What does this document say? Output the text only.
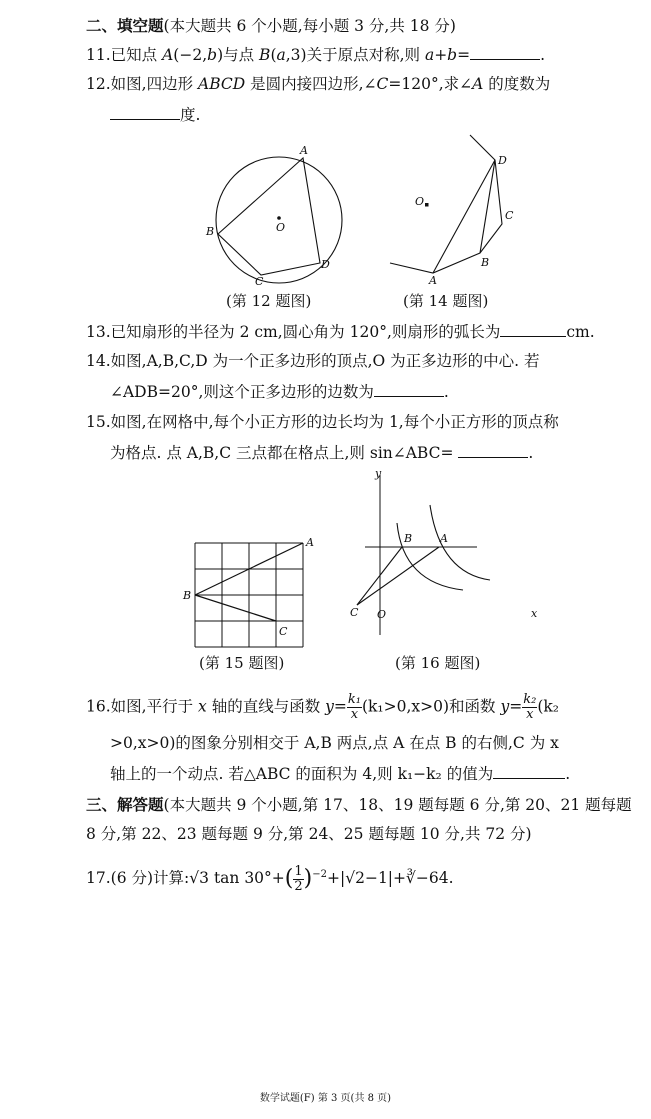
二、填空题(本大题共 6 个小题,每小题 3 分,共 18 分)
11.已知点 A(−2,b)与点 B(a,3)关于原点对称,则 a+b=	.
12.如图,四边形 ABCD 是圆内接四边形,∠C=120°,求∠A 的度数为
度.
A
B
C
D
O
(第 12 题图)
O
D
C
B
A
(第 14 题图)
13.已知扇形的半径为 2 cm,圆心角为 120°,则扇形的弧长为	cm.
14.如图,A,B,C,D 为一个正多边形的顶点,O 为正多边形的中心. 若
∠ADB=20°,则这个正多边形的边数为	.
15.如图,在网格中,每个小正方形的边长均为 1,每个小正方形的顶点称
为格点. 点 A,B,C 三点都在格点上,则 sin∠ABC=	.
A
B
C
(第 15 题图)
y
x
B	A
C O
(第 16 题图)
16.如图,平行于 x 轴的直线与函数 $y= \frac{\text{k₁}}{x} (k_1>0,x>0)$和函数 $y= \frac{\text{k₂}}{x} (k_2$
>0,x>0)的图象分别相交于 A,B 两点,点 A 在点 B 的右侧,C 为 x
轴上的一个动点. 若△ABC 的面积为 4,则 k₁−k₂ 的值为	.
三、解答题(本大题共 9 个小题,第 17、18、19 题每题 6 分,第 20、21 题每题
8 分,第 22、23 题每题 9 分,第 24、25 题每题 10 分,共 72 分)
17.(6 分)计算:√3 $\tan 30^\circ+( \frac{1}{2}$ )$^{-2}+|√2-1|+∛-64$.
数学试题(F) 第 3 页(共 8 页)
